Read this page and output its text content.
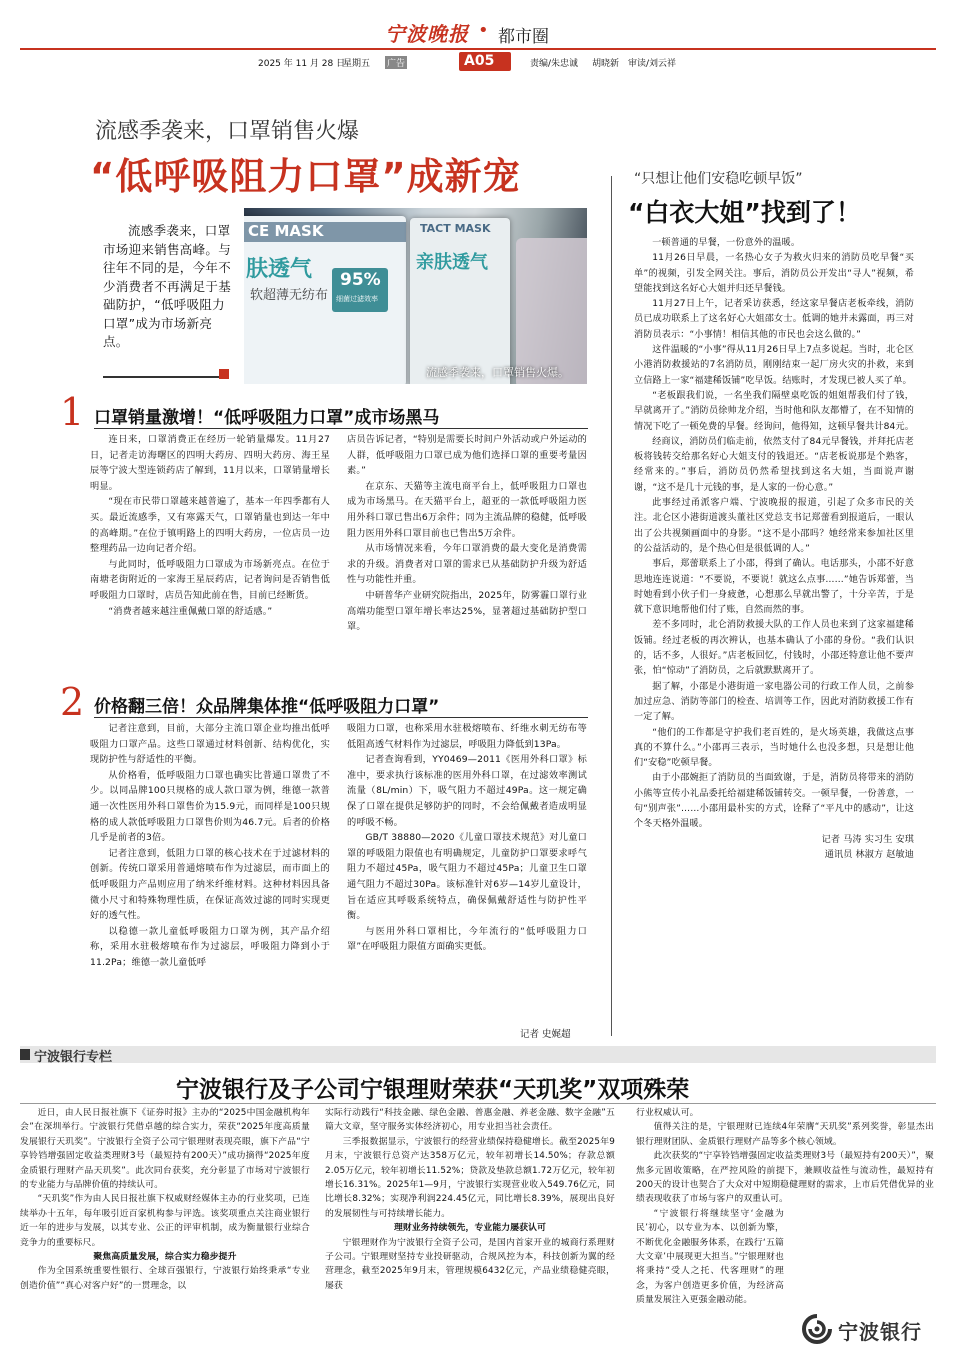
宁波晚报 • 都市圈
2025 年 11 月 28 日
星期五 广告	A05	责编/朱忠诚 胡晓新 审读/刘云祥
流感季袭来，口罩销售火爆
“低呼吸阻力口罩”成新宠
流感季袭来，口罩市场迎来销售高峰。与往年不同的是，今年不少消费者不再满足于基础防护，“低呼吸阻力口罩”成为市场新亮点。
CE MASK
肤透气
软超薄无纺布
95%
细菌过滤效率
TACT MASK
亲肤透气
流感季袭来，口罩销售火爆。
1 口罩销量激增！“低呼吸阻力口罩”成市场黑马

连日来，口罩消费正在经历一轮销量爆发。11月27日，记者走访海曙区的四明大药房、四明大药房、海王星辰等宁波大型连锁药店了解到，11月以来，口罩销量增长明显。

“现在市民带口罩越来越普遍了，基本一年四季都有人买。最近流感季，又有寒露天气，口罩销量也到达一年中的高峰期。”在位于镇明路上的四明大药房，一位店员一边整理药品一边向记者介绍。

与此同时，低呼吸阻力口罩成为市场新亮点。在位于南塘老街附近的一家海王星辰药店，记者询问是否销售低呼吸阻力口罩时，店员告知此前在售，目前已经断货。

“消费者越来越注重佩戴口罩的舒适感。”

店员告诉记者，“特别是需要长时间户外活动或户外运动的人群，低呼吸阻力口罩已成为他们选择口罩的重要考量因素。”

在京东、天猫等主流电商平台上，低呼吸阻力口罩也成为市场黑马。在天猫平台上，超亚的一款低呼吸阻力医用外科口罩已售出6万余件；同为主流品牌的稳健，低呼吸阻力医用外科口罩目前也已售出5万余件。

从市场情况来看，今年口罩消费的最大变化是消费需求的升级。消费者对口罩的需求已从基础防护升级为舒适性与功能性并重。

中研普华产业研究院指出，2025年，防雾霾口罩行业高端功能型口罩年增长率达25%，显著超过基础防护型口罩。

2 价格翻三倍！众品牌集体推“低呼吸阻力口罩”

记者注意到，目前，大部分主流口罩企业均推出低呼吸阻力口罩产品。这些口罩通过材料创新、结构优化，实现防护性与舒适性的平衡。

从价格看，低呼吸阻力口罩也确实比普通口罩贵了不少。以同品牌100只规格的成人款口罩为例，维德一款普通一次性医用外科口罩售价为15.9元，而同样是100只规格的成人款低呼吸阻力口罩售价则为46.7元。后者的价格几乎是前者的3倍。

记者注意到，低阻力口罩的核心技术在于过滤材料的创新。传统口罩采用普通熔喷布作为过滤层，而市面上的低呼吸阻力产品则应用了纳米纤维材料。这种材料因具备微小尺寸和特殊物理性质，在保证高效过滤的同时实现更好的透气性。

以稳德一款儿童低呼吸阻力口罩为例，其产品介绍称，采用水驻极熔喷布作为过滤层，呼吸阻力降到小于11.2Pa；维德一款儿童低呼

吸阻力口罩，也称采用水驻极熔喷布、纤维水刺无纺布等低阻高透气材料作为过滤层，呼吸阻力降低到13Pa。

记者查询看到，YY0469—2011《医用外科口罩》标准中，要求执行该标准的医用外科口罩，在过滤效率测试流量（8L/min）下，吸气阻力不超过49Pa。这一规定确保了口罩在提供足够防护的同时，不会给佩戴者造成明显的呼吸不畅。

GB/T 38880—2020《儿童口罩技术规范》对儿童口罩的呼吸阻力限值也有明确规定，儿童防护口罩要求呼气阻力不超过45Pa，吸气阻力不超过45Pa；儿童卫生口罩通气阻力不超过30Pa。该标准针对6岁—14岁儿童设计，旨在适应其呼吸系统特点，确保佩戴舒适性与防护性平衡。

与医用外科口罩相比，今年流行的“低呼吸阻力口罩”在呼吸阻力限值方面确实更低。

记者 史娓超
“只想让他们安稳吃顿早饭”
“白衣大姐”找到了！

一顿普通的早餐，一份意外的温暖。

11月26日早晨，一名热心女子为救火归来的消防员吃早餐“买单”的视频，引发全网关注。事后，消防员公开发出“寻人”视频，希望能找到这名好心大姐并归还早餐钱。

11月27日上午，记者采访获悉，经这家早餐店老板牵线，消防员已成功联系上了这名好心大姐邵女士。低调的她并未露面，再三对消防员表示：“小事情！相信其他的市民也会这么做的。”

这件温暖的“小事”得从11月26日早上7点多说起。当时，北仑区小港消防救援站的7名消防员，刚刚结束一起厂房火灾的扑救，来到立信路上一家“福建稀饭铺”吃早饭。结账时，才发现已被人买了单。

“老板跟我们说，一名坐我们隔壁桌吃饭的姐姐帮我们付了钱，早就离开了。”消防员徐帅龙介绍，当时他和队友都懵了，在不知情的情况下吃了一顿免费的早餐。经询问，他得知，这顿早餐共计84元。

经商议，消防员们临走前，依然支付了84元早餐钱，并拜托店老板将钱转交给那名好心大姐支付的钱退还。“店老板说那是个熟客，经常来的。”事后，消防员仍然希望找到这名大姐，当面说声谢谢，“这不是几十元钱的事，是人家的一份心意。”

此事经过甬派客户端、宁波晚报的报道，引起了众多市民的关注。北仑区小港街道渡头董社区党总支书记郑蕾看到报道后，一眼认出了公共视频画面中的身影。“这不是小邵吗？她经常来参加社区里的公益活动的，是个热心但是很低调的人。”

事后，郑蕾联系上了小邵，得到了确认。电话那头，小邵不好意思地连连说道：“不要说，不要说！就这么点事……”她告诉郑蕾，当时她看到小伙子们一身疲惫，心想那么早就出警了，十分辛苦，于是就下意识地帮他们付了账，自然而然的事。

差不多同时，北仑消防救援大队的工作人员也来到了这家福建稀饭铺。经过老板的再次辨认，也基本确认了小邵的身份。“我们认识的，话不多，人很好。”店老板回忆，付钱时，小邵还特意让他不要声张，怕“惊动”了消防员，之后就默默离开了。

据了解，小邵是小港街道一家电器公司的行政工作人员，之前参加过应急、消防等部门的检查、培训等工作，因此对消防救援工作有一定了解。

“他们的工作都是守护我们老百姓的，是火场英雄，我做这点事真的不算什么。”小邵再三表示，当时她什么也没多想，只是想让他们“安稳”吃顿早餐。

由于小邵婉拒了消防员的当面致谢，于是，消防员将带来的消防小熊等宣传小礼品委托给福建稀饭铺转交。一顿早餐，一份善意，一句“别声张”……小邵用最朴实的方式，诠释了“平凡中的感动”，让这个冬天格外温暖。

记者 马涛 实习生 安琪

通讯员 林淑方 赵敏迪

宁波银行专栏
宁波银行及子公司宁银理财荣获“天玑奖”双项殊荣

近日，由人民日报社旗下《证券时报》主办的“2025中国金融机构年会”在深圳举行。宁波银行凭借卓越的综合实力，荣获“2025年度高质量发展银行天玑奖”。宁波银行全资子公司宁银理财表现亮眼，旗下产品“宁享铃铛增强固定收益类理财3号（最短持有200天）”成功摘得“2025年度金质银行理财产品天玑奖”。此次同台获奖，充分彰显了市场对宁波银行的专业能力与品牌价值的持续认可。

“天玑奖”作为由人民日报社旗下权威财经媒体主办的行业奖项，已连续举办十五年，每年吸引近百家机构参与评选。该奖项重点关注商业银行近一年的进步与发展，以其专业、公正的评审机制，成为衡量银行业综合竞争力的重要标尺。

聚焦高质量发展，综合实力稳步提升

作为全国系统重要性银行、全球百强银行，宁波银行始终秉承“专业创造价值”“真心对客户好”的一贯理念，以

实际行动践行“科技金融、绿色金融、普惠金融、养老金融、数字金融”五篇大文章，坚守服务实体经济初心，用专业担当社会责任。

三季报数据显示，宁波银行的经营业绩保持稳健增长。截至2025年9月末，宁波银行总资产达358万亿元，较年初增长14.50%；存款总额2.05万亿元，较年初增长11.52%；贷款及垫款总额1.72万亿元，较年初增长16.31%。2025年1—9月，宁波银行实现营业收入549.76亿元，同比增长8.32%；实现净利润224.45亿元，同比增长8.39%，展现出良好的发展韧性与可持续增长能力。

理财业务持续领先，专业能力屡获认可

宁银理财作为宁波银行全资子公司，是国内首家开业的城商行系理财子公司。宁银理财坚持专业投研驱动，合规风控为本，科技创新为翼的经营理念，截至2025年9月末，管理规模6432亿元，产品业绩稳健亮眼，屡获

行业权威认可。

值得关注的是，宁银理财已连续4年荣膺“天玑奖”系列奖誉，彰显杰出银行理财团队、金质银行理财产品等多个核心领域。

此次获奖的“宁享铃铛增强固定收益类理财3号（最短持有200天）”，聚焦多元固收策略，在严控风险的前提下，兼顾收益性与流动性，最短持有200天的设计也契合了大众对中短期稳健理财的需求，上市后凭借优异的业绩表现收获了市场与客户的双重认可。

“宁波银行将继续坚守‘金融为民’初心，以专业为本、以创新为擎，不断优化金融服务体系，在践行‘五篇大文章’中展现更大担当。”宁银理财也将秉持“受人之托、代客理财”的理念，为客户创造更多价值，为经济高质量发展注入更强金融动能。

宁波银行
